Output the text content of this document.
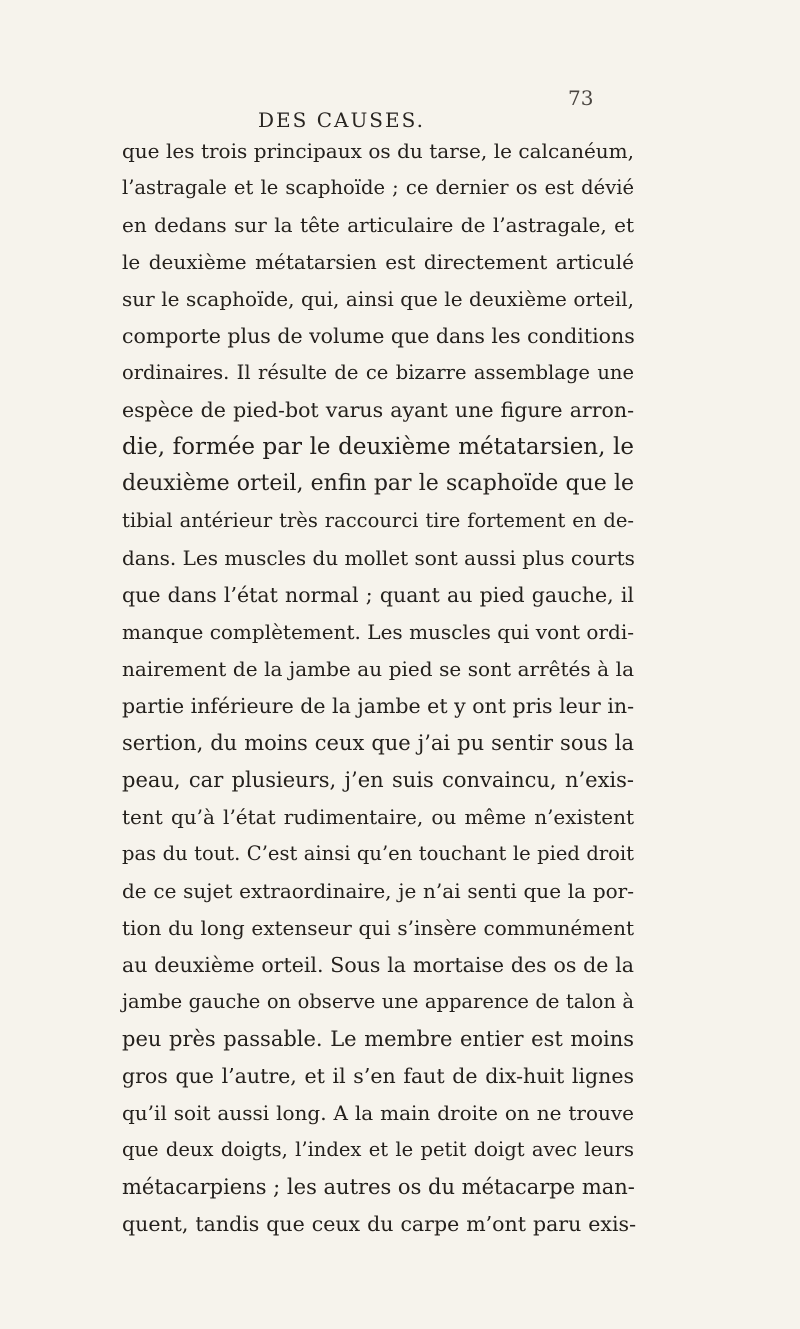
DES CAUSES.
73
que les trois principaux os du tarse, le calcanéum,
l’astragale et le scaphoïde ; ce dernier os est dévié
en dedans sur la tête articulaire de l’astragale, et
le deuxième métatarsien est directement articulé
sur le scaphoïde, qui, ainsi que le deuxième orteil,
comporte plus de volume que dans les conditions
ordinaires. Il résulte de ce bizarre assemblage une
espèce de pied-bot varus ayant une figure arron-
die, formée par le deuxième métatarsien, le
deuxième orteil, enfin par le scaphoïde que le
tibial antérieur très raccourci tire fortement en de-
dans. Les muscles du mollet sont aussi plus courts
que dans l’état normal ; quant au pied gauche, il
manque complètement. Les muscles qui vont ordi-
nairement de la jambe au pied se sont arrêtés à la
partie inférieure de la jambe et y ont pris leur in-
sertion, du moins ceux que j’ai pu sentir sous la
peau, car plusieurs, j’en suis convaincu, n’exis-
tent qu’à l’état rudimentaire, ou même n’existent
pas du tout. C’est ainsi qu’en touchant le pied droit
de ce sujet extraordinaire, je n’ai senti que la por-
tion du long extenseur qui s’insère communément
au deuxième orteil. Sous la mortaise des os de la
jambe gauche on observe une apparence de talon à
peu près passable. Le membre entier est moins
gros que l’autre, et il s’en faut de dix-huit lignes
qu’il soit aussi long. A la main droite on ne trouve
que deux doigts, l’index et le petit doigt avec leurs
métacarpiens ; les autres os du métacarpe man-
quent, tandis que ceux du carpe m’ont paru exis-
